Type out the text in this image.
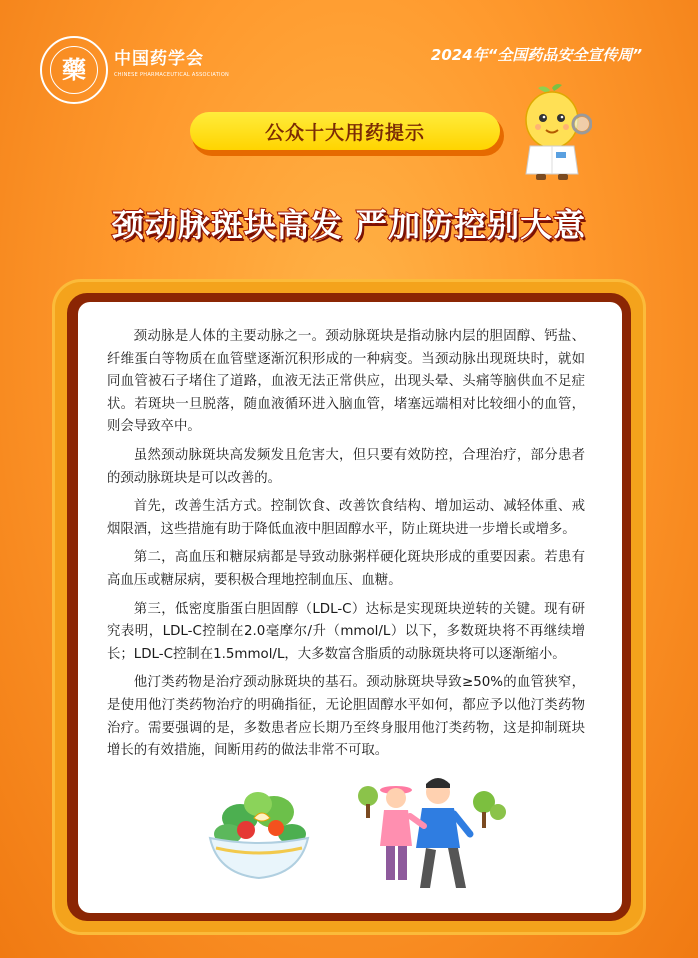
藥	中国药学会
CHINESE PHARMACEUTICAL ASSOCIATION
2024年“全国药品安全宣传周”
公众十大用药提示
颈动脉斑块高发 严加防控别大意

颈动脉是人体的主要动脉之一。颈动脉斑块是指动脉内层的胆固醇、钙盐、纤维蛋白等物质在血管壁逐渐沉积形成的一种病变。当颈动脉出现斑块时，就如同血管被石子堵住了道路，血液无法正常供应，出现头晕、头痛等脑供血不足症状。若斑块一旦脱落，随血液循环进入脑血管，堵塞远端相对比较细小的血管，则会导致卒中。

虽然颈动脉斑块高发频发且危害大，但只要有效防控，合理治疗，部分患者的颈动脉斑块是可以改善的。

首先，改善生活方式。控制饮食、改善饮食结构、增加运动、减轻体重、戒烟限酒，这些措施有助于降低血液中胆固醇水平，防止斑块进一步增长或增多。

第二，高血压和糖尿病都是导致动脉粥样硬化斑块形成的重要因素。若患有高血压或糖尿病，要积极合理地控制血压、血糖。

第三，低密度脂蛋白胆固醇（LDL-C）达标是实现斑块逆转的关键。现有研究表明，LDL-C控制在2.0毫摩尔/升（mmol/L）以下，多数斑块将不再继续增长；LDL-C控制在1.5mmol/L，大多数富含脂质的动脉斑块将可以逐渐缩小。

他汀类药物是治疗颈动脉斑块的基石。颈动脉斑块导致≥50%的血管狭窄，是使用他汀类药物治疗的明确指征，无论胆固醇水平如何，都应予以他汀类药物治疗。需要强调的是，多数患者应长期乃至终身服用他汀类药物，这是抑制斑块增长的有效措施，间断用药的做法非常不可取。
